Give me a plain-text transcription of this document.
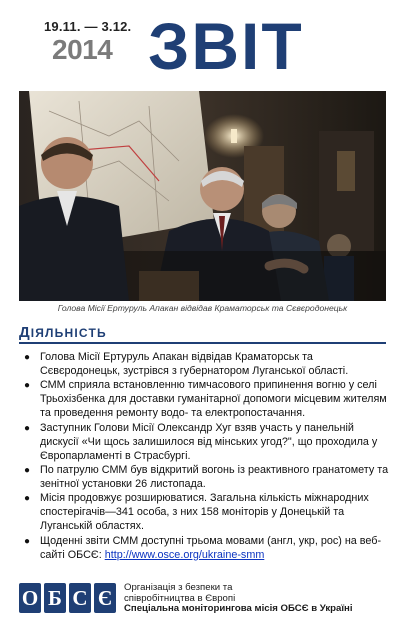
19.11. — 3.12.
2014 ЗВІТ
Голова Місії Ертуруль Апакан відвідав Краматорськ та Сєвєродонецьк
ДІЯЛЬНІСТЬ
● Голова Місії Ертуруль Апакан відвідав Краматорськ та Сєвєродонецьк, зустрівся з губернатором Луганської області.
● СММ сприяла встановленню тимчасового припинення вогню у селі Трьохізбенка для доставки гуманітарної допомоги місцевим жителям та проведення ремонту водо- та електропостачання.
● Заступник Голови Місії Олександр Хуг взяв участь у панельній дискусії «Чи щось залишилося від мінських угод?", що проходила у Європарламенті в Страсбургі.
● По патрулю СММ був відкритий вогонь із реактивного гранатомету та зенітної установки 26 листопада.
● Місія продовжує розширюватися. Загальна кількість міжнародних спостерігачів—341 особа, з них 158 моніторів у Донецькій та Луганській областях.
● Щоденні звіти СММ доступні трьома мовами (англ, укр, рос) на веб-сайті ОБСЄ: http://www.osce.org/ukraine-smm
О Б С Є	Організація з безпеки та
співробітництва в Європі
Спеціальна моніторингова місія ОБСЄ в Україні
